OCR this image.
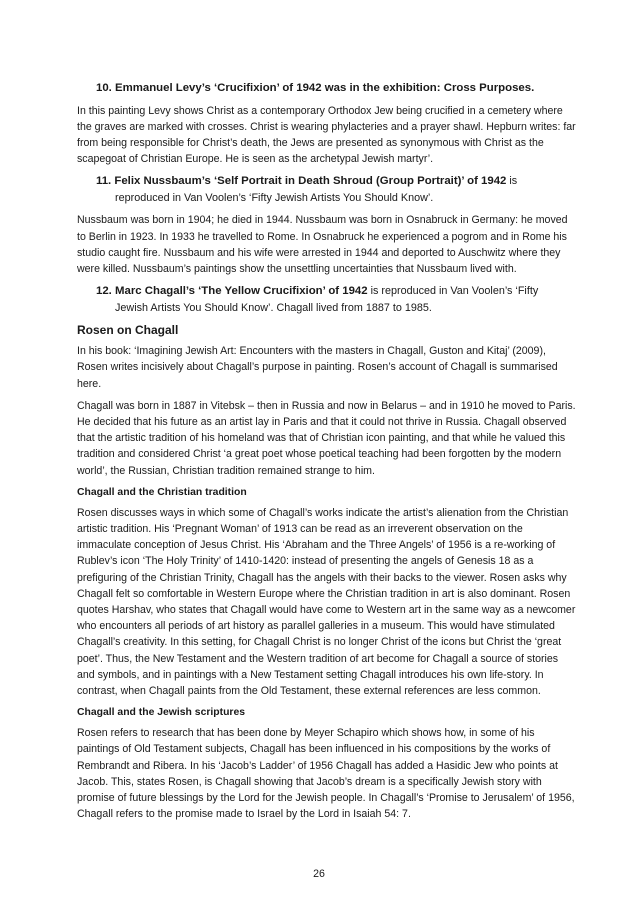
10. Emmanuel Levy’s ‘Crucifixion’ of 1942 was in the exhibition: Cross Purposes.

In this painting Levy shows Christ as a contemporary Orthodox Jew being crucified in a cemetery where the graves are marked with crosses. Christ is wearing phylacteries and a prayer shawl. Hepburn writes: far from being responsible for Christ’s death, the Jews are presented as synonymous with Christ as the scapegoat of Christian Europe. He is seen as the archetypal Jewish martyr’.

11. Felix Nussbaum’s ‘Self Portrait in Death Shroud (Group Portrait)’ of 1942 is reproduced in Van Voolen’s ‘Fifty Jewish Artists You Should Know’.

Nussbaum was born in 1904; he died in 1944. Nussbaum was born in Osnabruck in Germany: he moved to Berlin in 1923. In 1933 he travelled to Rome. In Osnabruck he experienced a pogrom and in Rome his studio caught fire. Nussbaum and his wife were arrested in 1944 and deported to Auschwitz where they were killed. Nussbaum’s paintings show the unsettling uncertainties that Nussbaum lived with.

12. Marc Chagall’s ‘The Yellow Crucifixion’ of 1942 is reproduced in Van Voolen’s ‘Fifty Jewish Artists You Should Know’. Chagall lived from 1887 to 1985.

Rosen on Chagall

In his book: ‘Imagining Jewish Art: Encounters with the masters in Chagall, Guston and Kitaj’ (2009), Rosen writes incisively about Chagall’s purpose in painting. Rosen’s account of Chagall is summarised here.

Chagall was born in 1887 in Vitebsk – then in Russia and now in Belarus – and in 1910 he moved to Paris. He decided that his future as an artist lay in Paris and that it could not thrive in Russia. Chagall observed that the artistic tradition of his homeland was that of Christian icon painting, and that while he valued this tradition and considered Christ ‘a great poet whose poetical teaching had been forgotten by the modern world’, the Russian, Christian tradition remained strange to him.

Chagall and the Christian tradition

Rosen discusses ways in which some of Chagall’s works indicate the artist’s alienation from the Christian artistic tradition. His ‘Pregnant Woman’ of 1913 can be read as an irreverent observation on the immaculate conception of Jesus Christ. His ‘Abraham and the Three Angels’ of 1956 is a re-working of Rublev’s icon ‘The Holy Trinity’ of 1410-1420: instead of presenting the angels of Genesis 18 as a prefiguring of the Christian Trinity, Chagall has the angels with their backs to the viewer. Rosen asks why Chagall felt so comfortable in Western Europe where the Christian tradition in art is also dominant. Rosen quotes Harshav, who states that Chagall would have come to Western art in the same way as a newcomer who encounters all periods of art history as parallel galleries in a museum. This would have stimulated Chagall’s creativity. In this setting, for Chagall Christ is no longer Christ of the icons but Christ the ‘great poet’. Thus, the New Testament and the Western tradition of art become for Chagall a source of stories and symbols, and in paintings with a New Testament setting Chagall introduces his own life-story. In contrast, when Chagall paints from the Old Testament, these external references are less common.

Chagall and the Jewish scriptures

Rosen refers to research that has been done by Meyer Schapiro which shows how, in some of his paintings of Old Testament subjects, Chagall has been influenced in his compositions by the works of Rembrandt and Ribera. In his ‘Jacob’s Ladder’ of 1956 Chagall has added a Hasidic Jew who points at Jacob. This, states Rosen, is Chagall showing that Jacob’s dream is a specifically Jewish story with promise of future blessings by the Lord for the Jewish people. In Chagall’s ‘Promise to Jerusalem’ of 1956, Chagall refers to the promise made to Israel by the Lord in Isaiah 54: 7.

26
